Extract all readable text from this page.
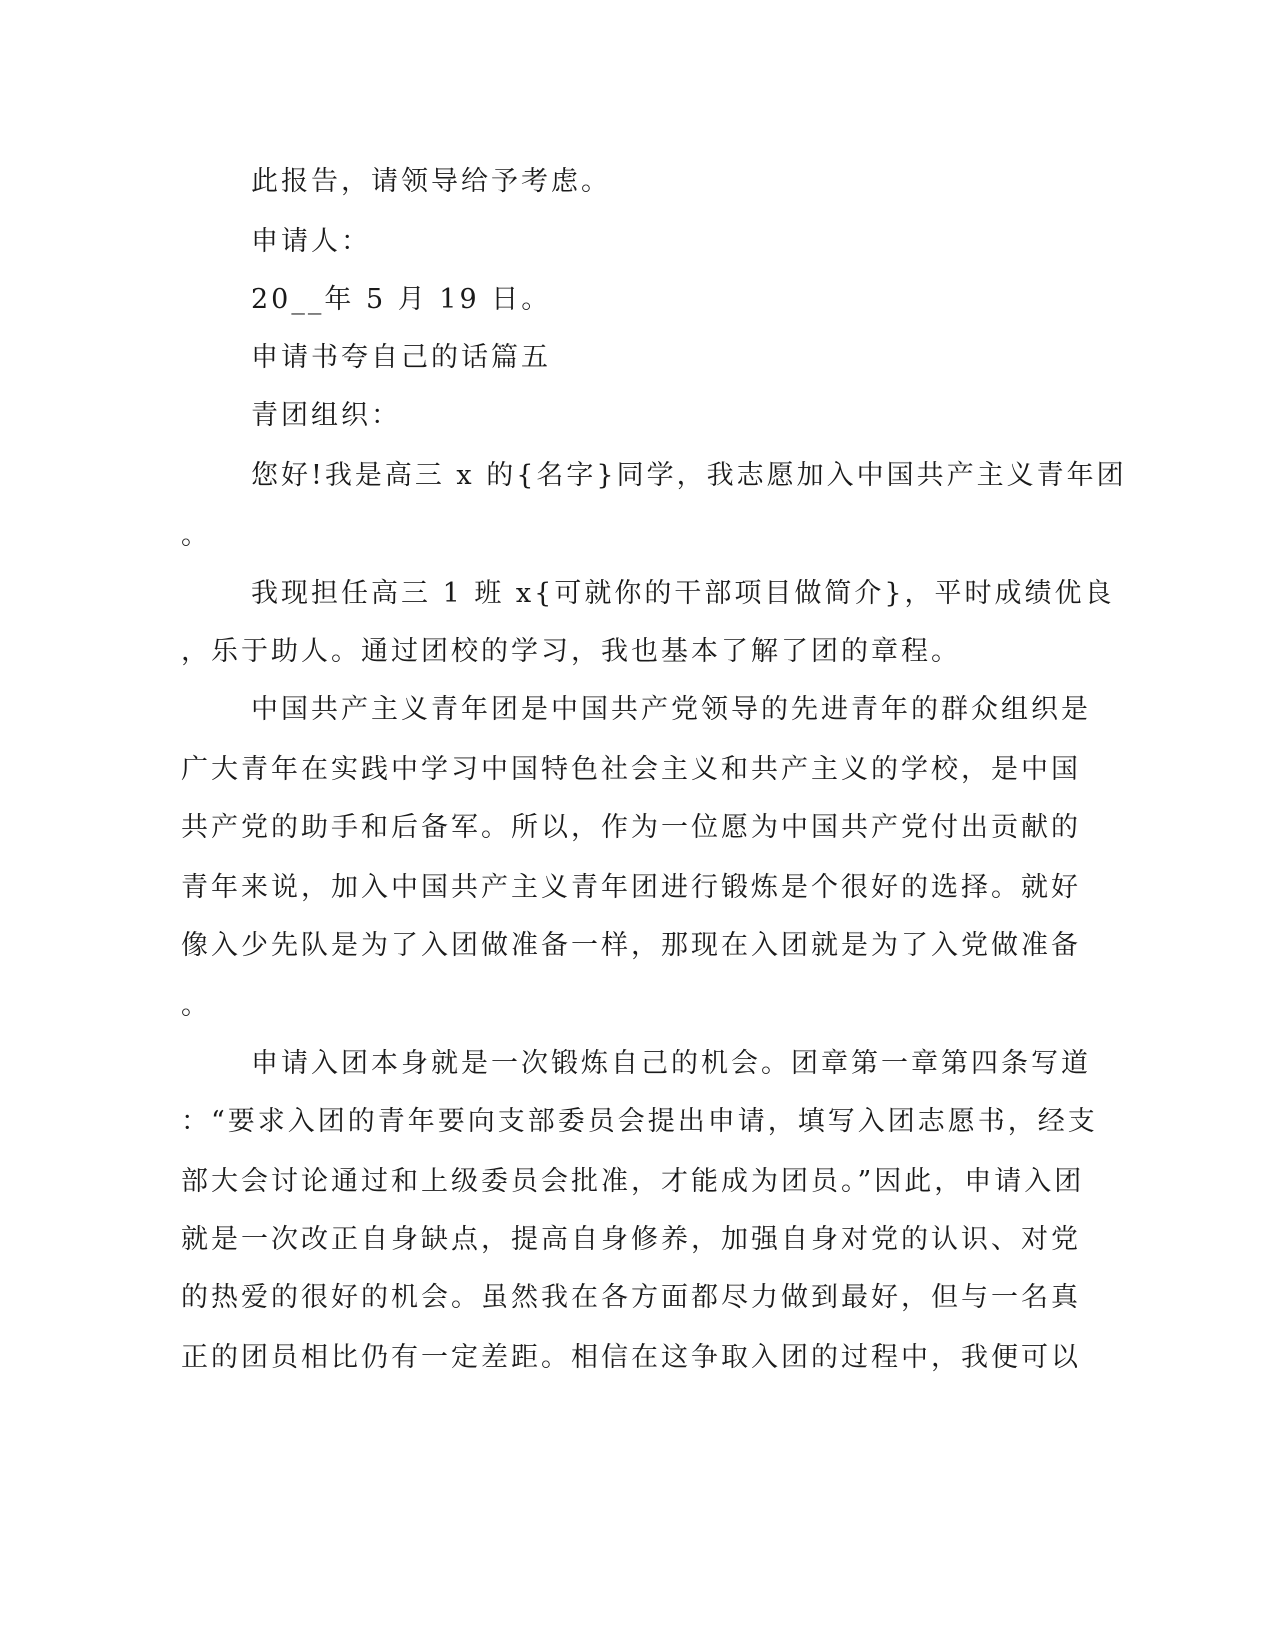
此报告，请领导给予考虑。
申请人：
20__年 5 月 19 日。
申请书夸自己的话篇五
青团组织：
您好!我是高三 x 的{名字}同学，我志愿加入中国共产主义青年团
。
我现担任高三 1 班 x{可就你的干部项目做简介}，平时成绩优良
，乐于助人。通过团校的学习，我也基本了解了团的章程。
中国共产主义青年团是中国共产党领导的先进青年的群众组织是
广大青年在实践中学习中国特色社会主义和共产主义的学校，是中国
共产党的助手和后备军。所以，作为一位愿为中国共产党付出贡献的
青年来说，加入中国共产主义青年团进行锻炼是个很好的选择。就好
像入少先队是为了入团做准备一样，那现在入团就是为了入党做准备
。
申请入团本身就是一次锻炼自己的机会。团章第一章第四条写道
：“要求入团的青年要向支部委员会提出申请，填写入团志愿书，经支
部大会讨论通过和上级委员会批准，才能成为团员。”因此，申请入团
就是一次改正自身缺点，提高自身修养，加强自身对党的认识、对党
的热爱的很好的机会。虽然我在各方面都尽力做到最好，但与一名真
正的团员相比仍有一定差距。相信在这争取入团的过程中，我便可以
